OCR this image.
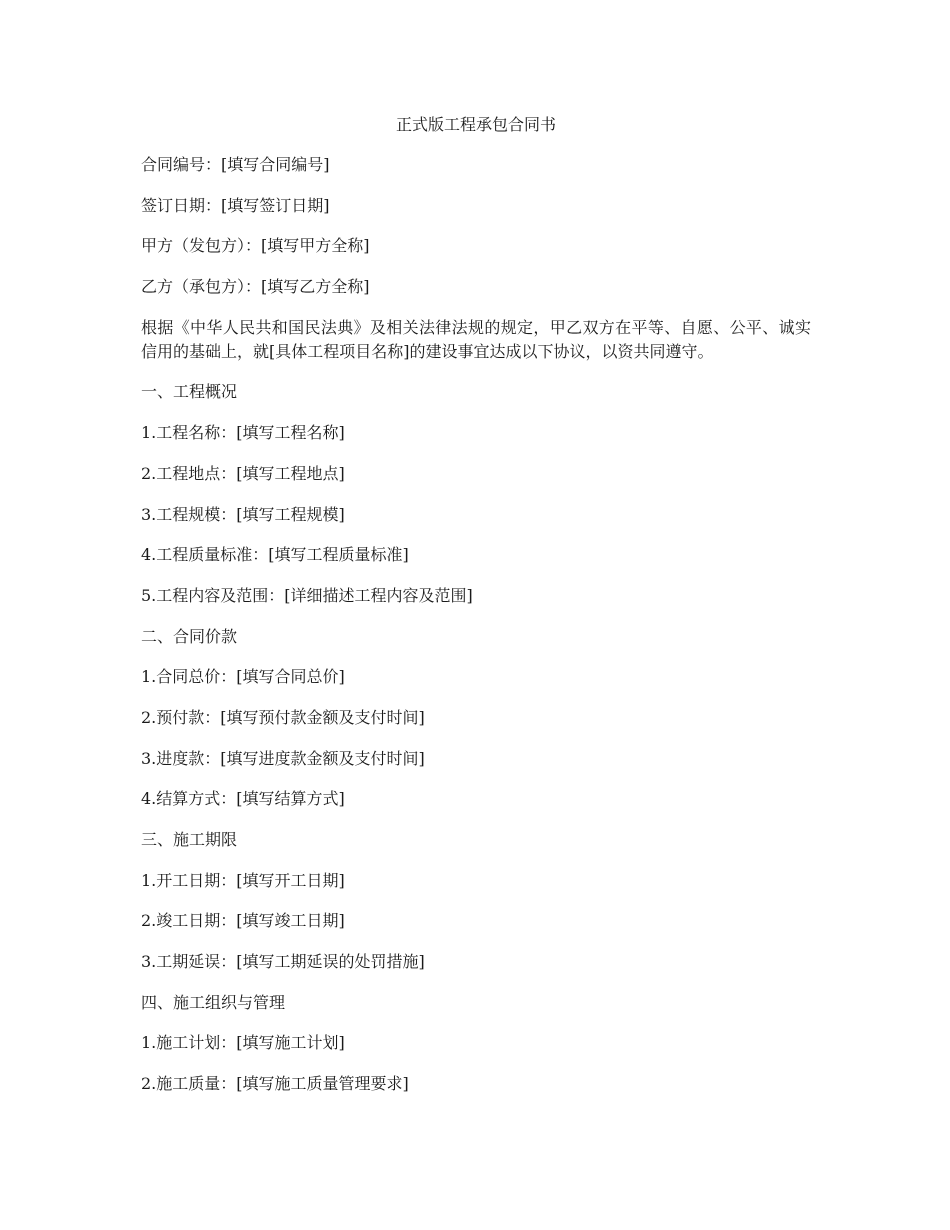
正式版工程承包合同书
合同编号：[填写合同编号]
签订日期：[填写签订日期]
甲方（发包方）：[填写甲方全称]
乙方（承包方）：[填写乙方全称]
根据《中华人民共和国民法典》及相关法律法规的规定，甲乙双方在平等、自愿、公平、诚实信用的基础上，就[具体工程项目名称]的建设事宜达成以下协议，以资共同遵守。
一、工程概况
1.工程名称：[填写工程名称]
2.工程地点：[填写工程地点]
3.工程规模：[填写工程规模]
4.工程质量标准：[填写工程质量标准]
5.工程内容及范围：[详细描述工程内容及范围]
二、合同价款
1.合同总价：[填写合同总价]
2.预付款：[填写预付款金额及支付时间]
3.进度款：[填写进度款金额及支付时间]
4.结算方式：[填写结算方式]
三、施工期限
1.开工日期：[填写开工日期]
2.竣工日期：[填写竣工日期]
3.工期延误：[填写工期延误的处罚措施]
四、施工组织与管理
1.施工计划：[填写施工计划]
2.施工质量：[填写施工质量管理要求]
